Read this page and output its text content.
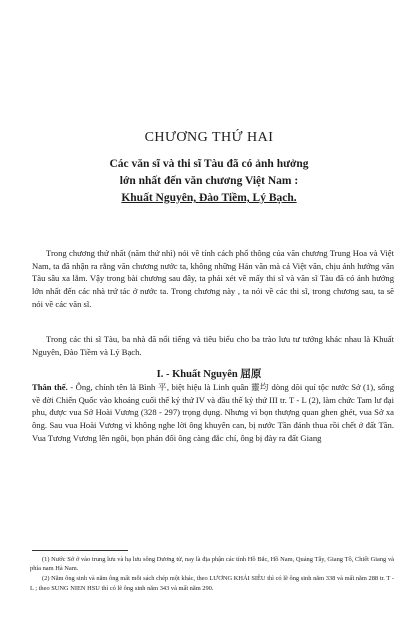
CHƯƠNG THỨ HAI
Các văn sĩ và thi sĩ Tàu đã có ảnh hưởng
lớn nhất đến văn chương Việt Nam :
Khuất Nguyên, Đào Tiềm, Lý Bạch.
Trong chương thứ nhất (năm thứ nhì) nói về tính cách phổ thông của văn chương Trung Hoa và Việt Nam, ta đã nhận ra rằng văn chương nước ta, không những Hán văn mà cả Việt văn, chịu ảnh hưởng văn Tàu sâu xa lắm. Vậy trong bài chương sau đây, ta phải xét về mấy thi sĩ và văn sĩ Tàu đã có ảnh hưởng lớn nhất đến các nhà trứ tác ở nước ta. Trong chương này , ta nói về các thi sĩ, trong chương sau, ta sẽ nói về các văn sĩ.
Trong các thi sĩ Tàu, ba nhà đã nổi tiếng và tiêu biểu cho ba trào lưu tư tưởng khác nhau là Khuất Nguyên, Đào Tiềm và Lý Bạch.
I. - Khuất Nguyên 屈原
Thân thế. - Ông, chính tên là Bình 平, biệt hiệu là Linh quân 靈均 dòng dõi quí tộc nước Sở (1), sống về đời Chiến Quốc vào khoảng cuối thế kỷ thứ IV và đầu thế kỷ thứ III tr. T - L (2), làm chức Tam lư đại phu, được vua Sở Hoài Vương (328 - 297) trọng dụng. Nhưng vì bọn thượng quan ghen ghét, vua Sở xa ông. Sau vua Hoài Vương vì không nghe lời ông khuyên can, bị nước Tần đánh thua rồi chết ở đất Tần. Vua Tương Vương lên ngôi, bọn phản đối ông càng đắc chí, ông bị đày ra đất Giang

(1) Nước Sở ở vào trung lưu và hạ lưu sông Dương tử, nay là địa phận các tỉnh Hồ Bắc, Hồ Nam, Quảng Tây, Giang Tô, Chiết Giang và phía nam Hà Nam.

(2) Năm ông sinh và năm ông mất mỗi sách chép một khác, theo LƯƠNG KHẢI SIÊU thì có lẽ ông sinh năm 338 và mất năm 288 tr. T - L ; theo SUNG NIEN HSU thì có lẽ ông sinh năm 343 và mất năm 290.
